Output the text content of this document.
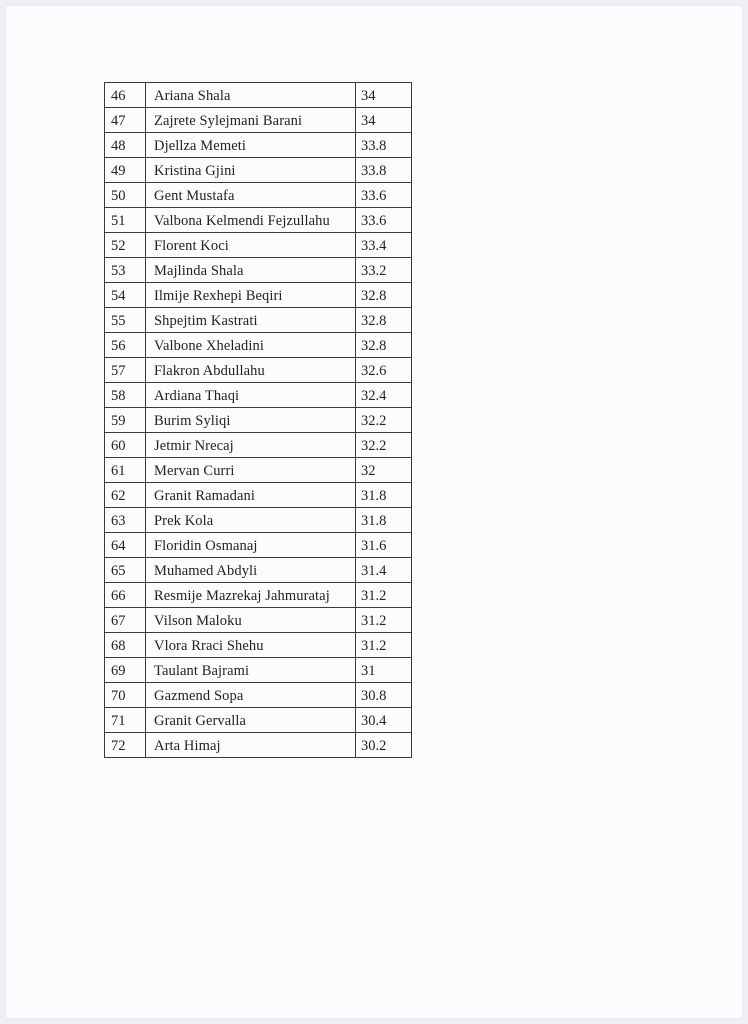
46	Ariana Shala	34
47	Zajrete Sylejmani Barani	34
48	Djellza Memeti	33.8
49	Kristina Gjini	33.8
50	Gent Mustafa	33.6
51	Valbona Kelmendi Fejzullahu	33.6
52	Florent Koci	33.4
53	Majlinda Shala	33.2
54	Ilmije Rexhepi Beqiri	32.8
55	Shpejtim Kastrati	32.8
56	Valbone Xheladini	32.8
57	Flakron Abdullahu	32.6
58	Ardiana Thaqi	32.4
59	Burim Syliqi	32.2
60	Jetmir Nrecaj	32.2
61	Mervan Curri	32
62	Granit Ramadani	31.8
63	Prek Kola	31.8
64	Floridin Osmanaj	31.6
65	Muhamed Abdyli	31.4
66	Resmije Mazrekaj Jahmurataj	31.2
67	Vilson Maloku	31.2
68	Vlora Rraci Shehu	31.2
69	Taulant Bajrami	31
70	Gazmend Sopa	30.8
71	Granit Gervalla	30.4
72	Arta Himaj	30.2
